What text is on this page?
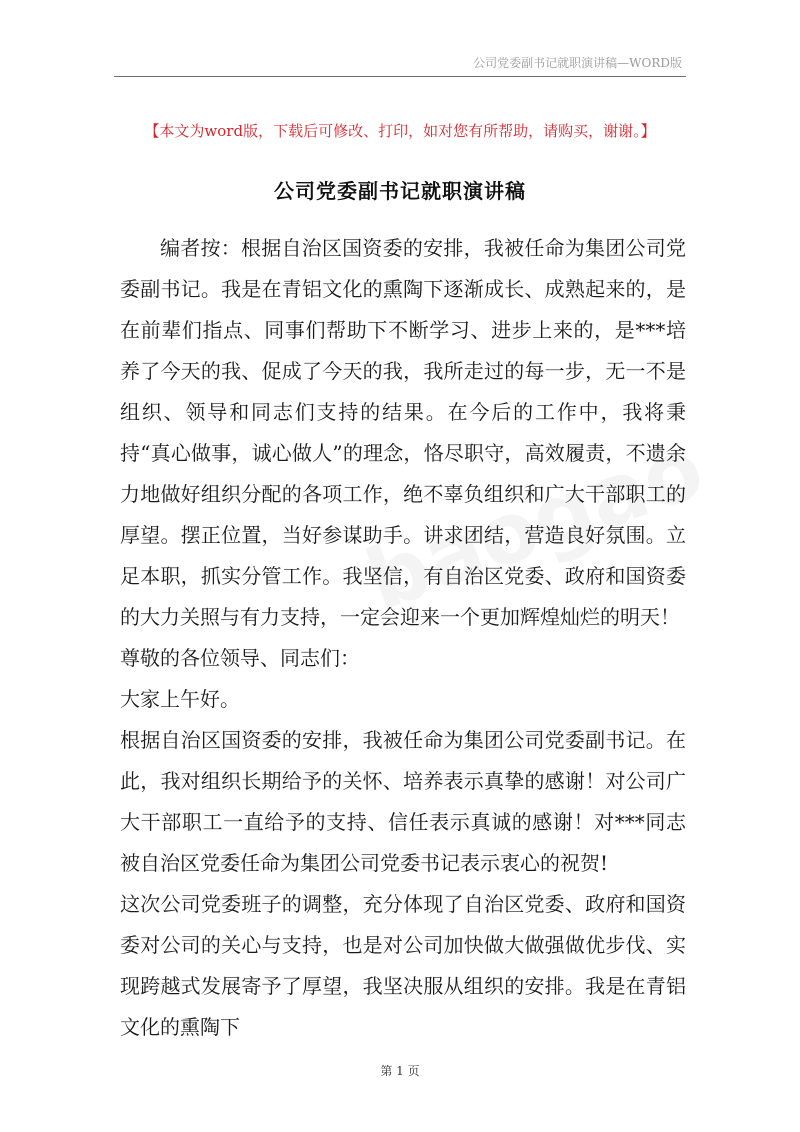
公司党委副书记就职演讲稿—WORD版
【本文为word版，下载后可修改、打印，如对您有所帮助，请购买，谢谢。】
公司党委副书记就职演讲稿

编者按：根据自治区国资委的安排，我被任命为集团公司党委副书记。我是在青铝文化的熏陶下逐渐成长、成熟起来的，是在前辈们指点、同事们帮助下不断学习、进步上来的，是***培养了今天的我、促成了今天的我，我所走过的每一步，无一不是组织、领导和同志们支持的结果。在今后的工作中，我将秉持“真心做事，诚心做人”的理念，恪尽职守，高效履责，不遗余力地做好组织分配的各项工作，绝不辜负组织和广大干部职工的厚望。摆正位置，当好参谋助手。讲求团结，营造良好氛围。立足本职，抓实分管工作。我坚信，有自治区党委、政府和国资委的大力关照与有力支持，一定会迎来一个更加辉煌灿烂的明天！

尊敬的各位领导、同志们：

大家上午好。

根据自治区国资委的安排，我被任命为集团公司党委副书记。在此，我对组织长期给予的关怀、培养表示真挚的感谢！对公司广大干部职工一直给予的支持、信任表示真诚的感谢！对***同志被自治区党委任命为集团公司党委书记表示衷心的祝贺!

这次公司党委班子的调整，充分体现了自治区党委、政府和国资委对公司的关心与支持，也是对公司加快做大做强做优步伐、实现跨越式发展寄予了厚望，我坚决服从组织的安排。我是在青铝文化的熏陶下

第 1 页
